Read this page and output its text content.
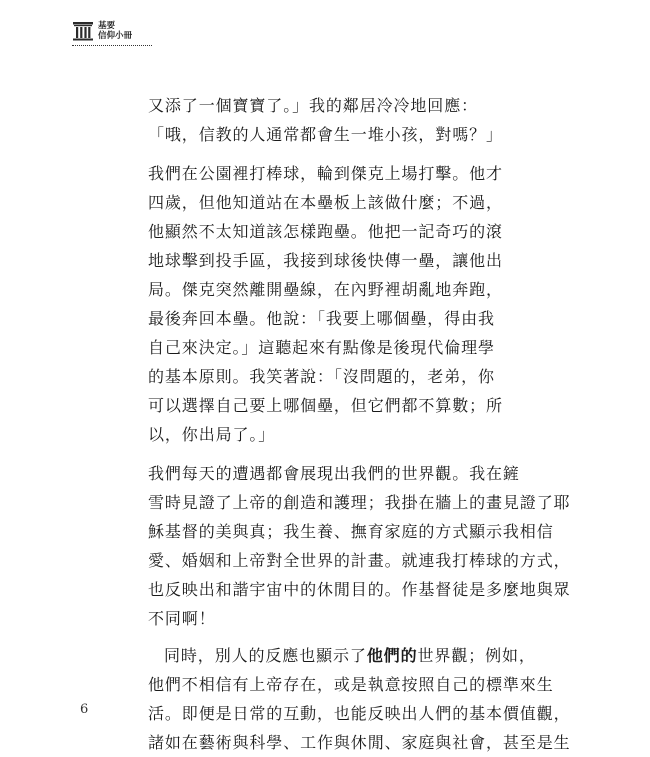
基要
信仰小冊
又添了一個寶寶了。」我的鄰居冷冷地回應：
「哦，信教的人通常都會生一堆小孩，對嗎？」
我們在公園裡打棒球，輪到傑克上場打擊。他才
四歲，但他知道站在本壘板上該做什麼；不過，
他顯然不太知道該怎樣跑壘。他把一記奇巧的滾
地球擊到投手區，我接到球後快傳一壘，讓他出
局。傑克突然離開壘線，在內野裡胡亂地奔跑，
最後奔回本壘。他說：「我要上哪個壘，得由我
自己來決定。」這聽起來有點像是後現代倫理學
的基本原則。我笑著說：「沒問題的，老弟，你
可以選擇自己要上哪個壘，但它們都不算數；所
以，你出局了。」
我們每天的遭遇都會展現出我們的世界觀。我在鏟
雪時見證了上帝的創造和護理；我掛在牆上的畫見證了耶
穌基督的美與真；我生養、撫育家庭的方式顯示我相信
愛、婚姻和上帝對全世界的計畫。就連我打棒球的方式，
也反映出和諧宇宙中的休閒目的。作基督徒是多麼地與眾
不同啊！
同時，別人的反應也顯示了他們的世界觀；例如，
他們不相信有上帝存在，或是執意按照自己的標準來生
活。即便是日常的互動，也能反映出人們的基本價值觀，
諸如在藝術與科學、工作與休閒、家庭與社會，甚至是生
6
